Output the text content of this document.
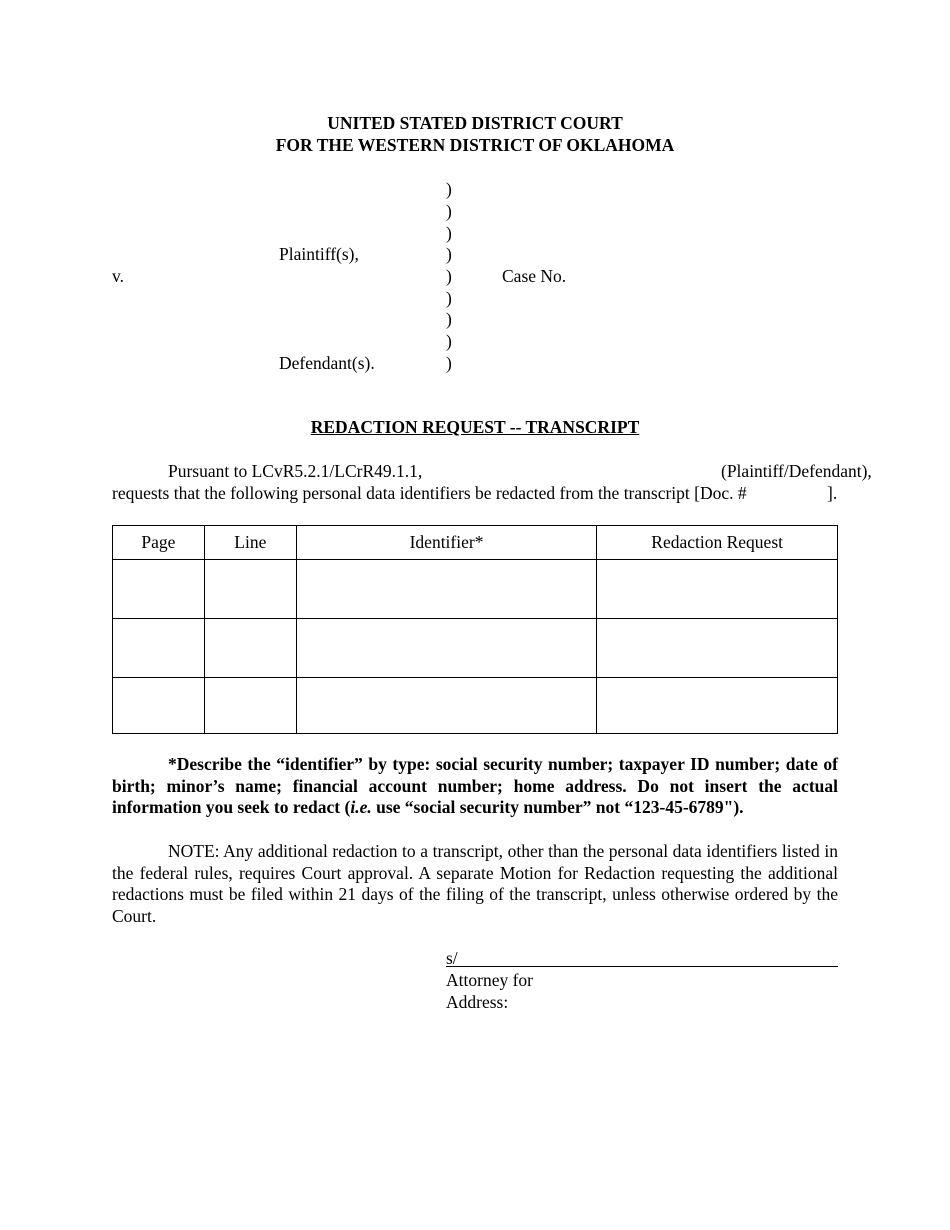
UNITED STATED DISTRICT COURT
FOR THE WESTERN DISTRICT OF OKLAHOMA
)
)
)
)
)
)
)
)
)
Plaintiff(s),
v.	Case No.
Defendant(s).
REDACTION REQUEST -- TRANSCRIPT
Pursuant to LCvR5.2.1/LCrR49.1.1,	(Plaintiff/Defendant),
requests that the following personal data identifiers be redacted from the transcript [Doc. #	].
Page	Line	Identifier*	Redaction Request

*Describe the “identifier” by type: social security number; taxpayer ID number; date of birth; minor’s name; financial account number; home address. Do not insert the actual information you seek to redact (i.e. use “social security number” not “123-45-6789").
NOTE: Any additional redaction to a transcript, other than the personal data identifiers listed in the federal rules, requires Court approval. A separate Motion for Redaction requesting the additional redactions must be filed within 21 days of the filing of the transcript, unless otherwise ordered by the Court.
s/
Attorney for
Address:
